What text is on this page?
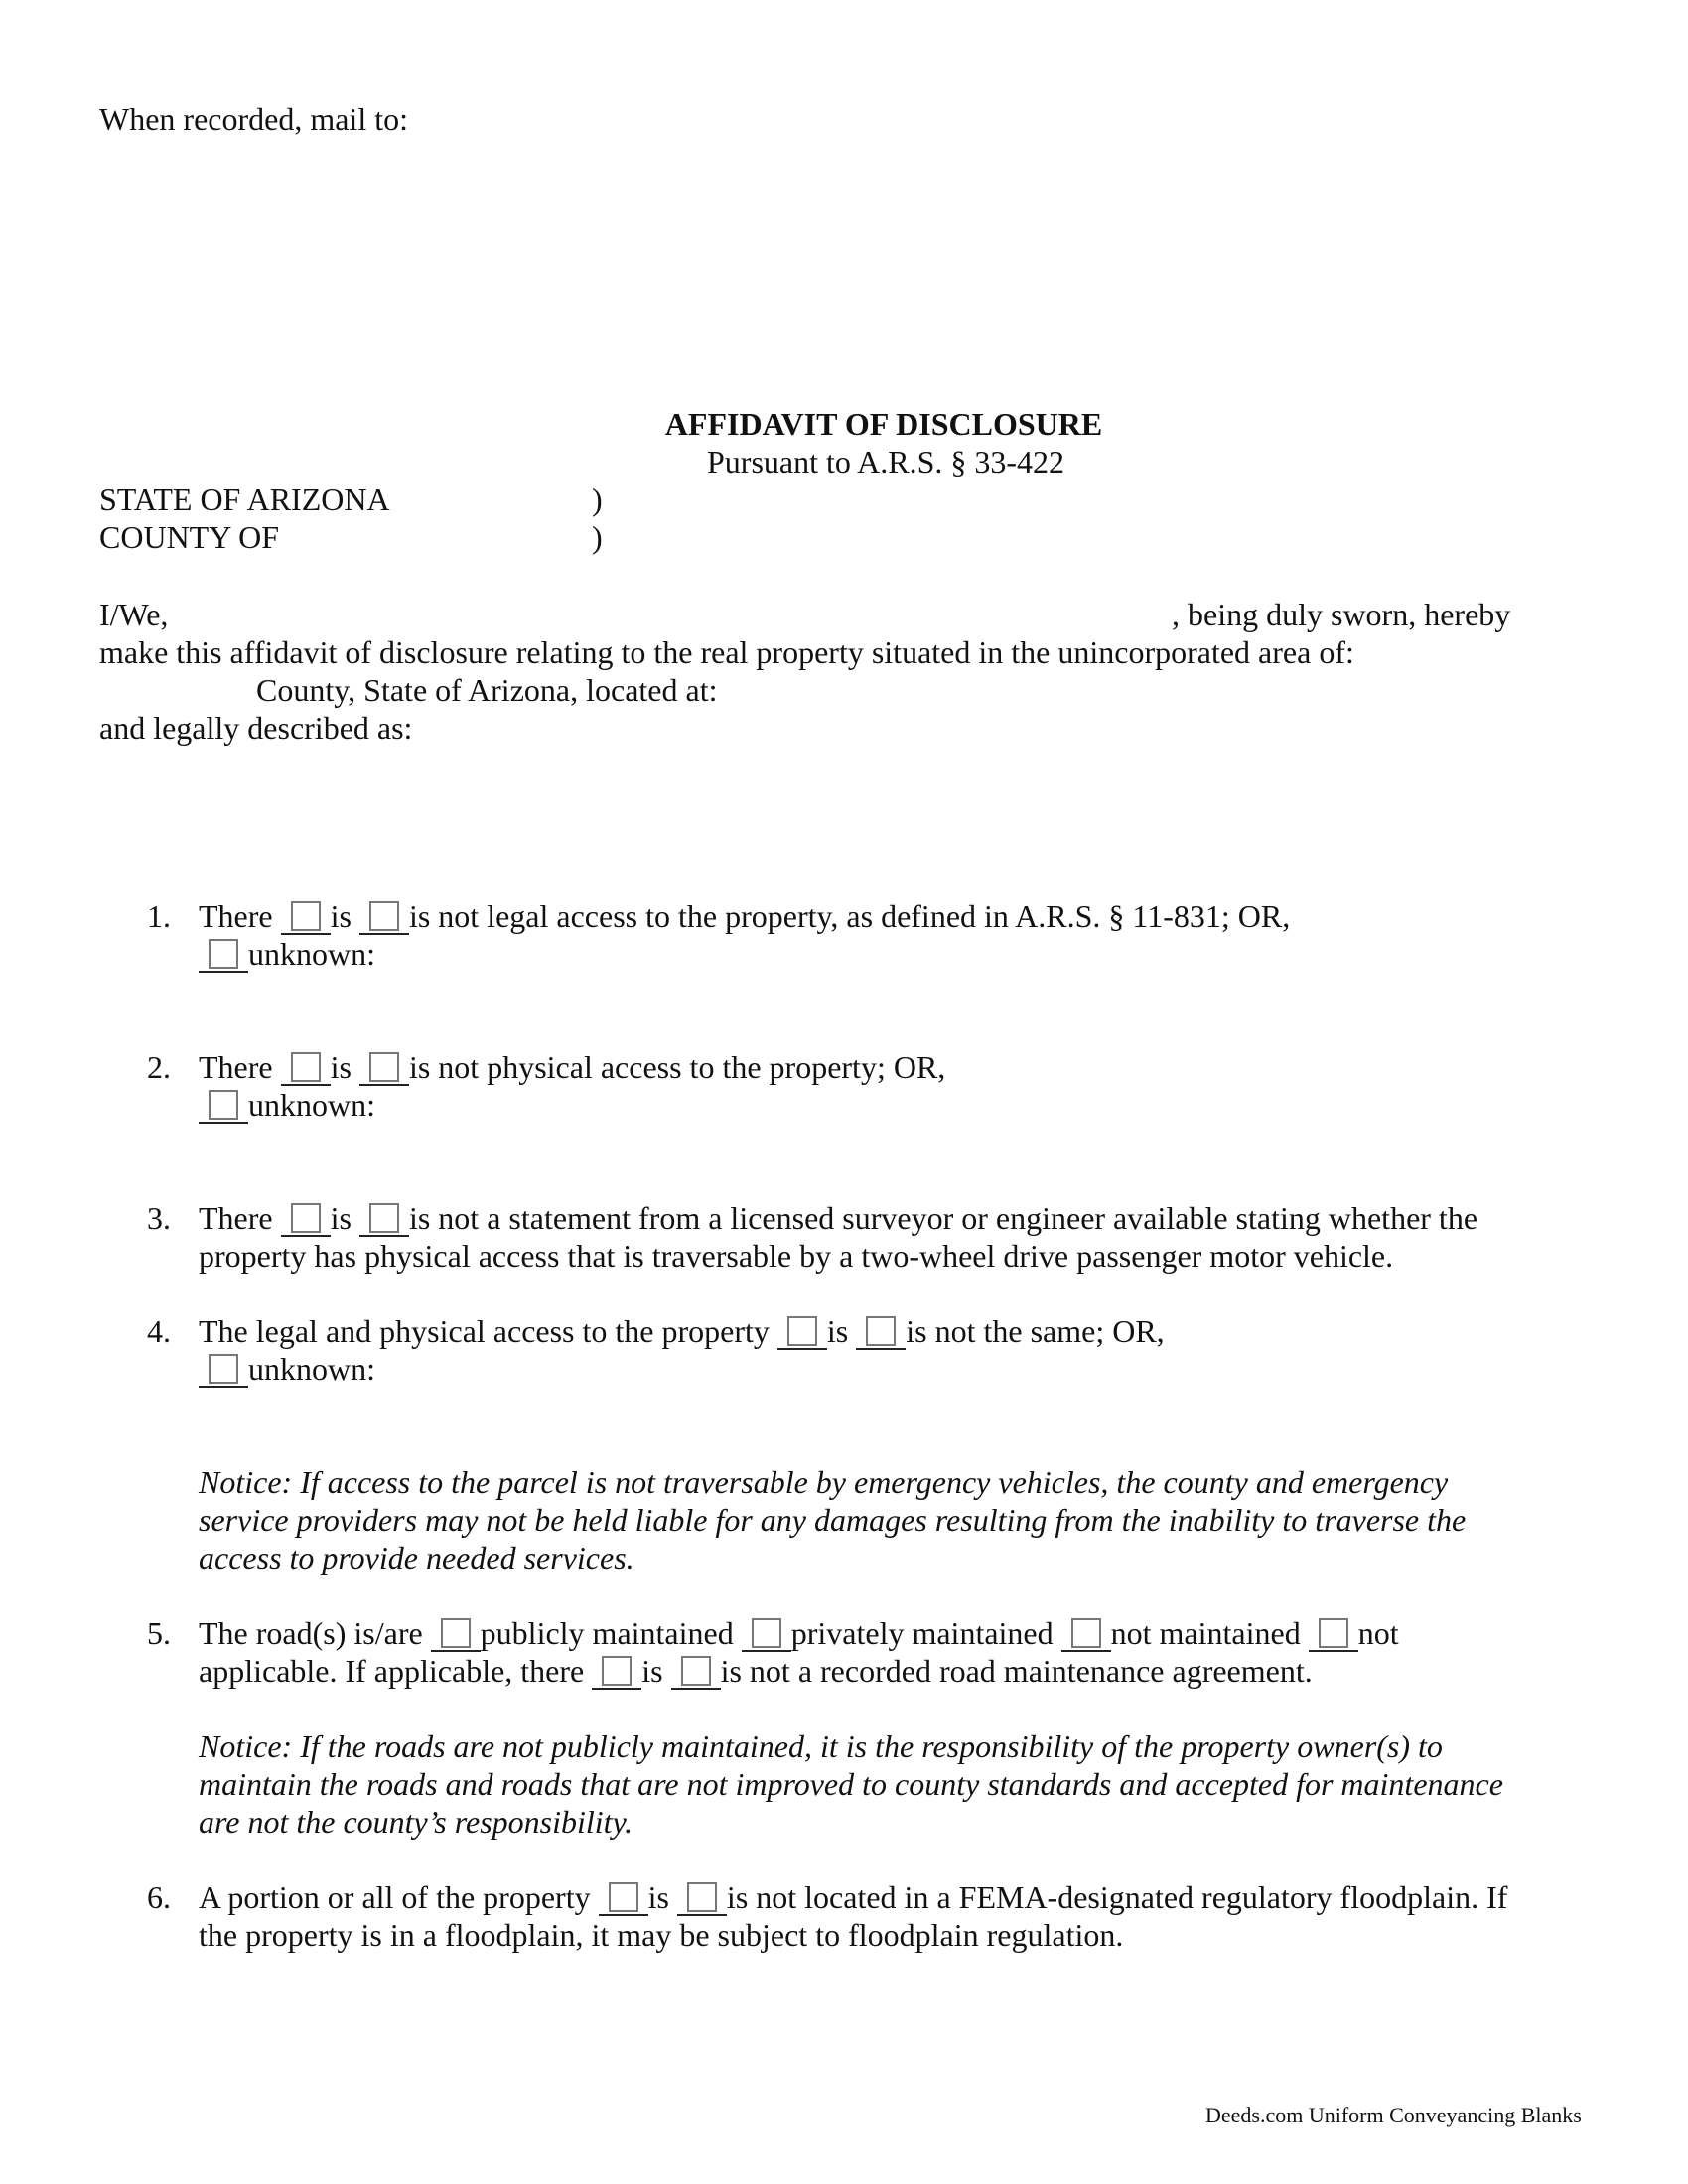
When recorded, mail to:
AFFIDAVIT OF DISCLOSURE
Pursuant to A.R.S. § 33-422
STATE OF ARIZONA	)
COUNTY OF	)
I/We,	, being duly sworn, hereby
make this affidavit of disclosure relating to the real property situated in the unincorporated area of:
County, State of Arizona, located at:
and legally described as:
1. There is is not legal access to the property, as defined in A.R.S. § 11-831; OR,
unknown:
2. There is is not physical access to the property; OR,
unknown:
3. There is is not a statement from a licensed surveyor or engineer available stating whether the
property has physical access that is traversable by a two-wheel drive passenger motor vehicle.
4. The legal and physical access to the property is is not the same; OR,
unknown:
Notice: If access to the parcel is not traversable by emergency vehicles, the county and emergency
service providers may not be held liable for any damages resulting from the inability to traverse the
access to provide needed services.
5. The road(s) is/are publicly maintained privately maintained not maintained not
applicable. If applicable, there is is not a recorded road maintenance agreement.
Notice: If the roads are not publicly maintained, it is the responsibility of the property owner(s) to
maintain the roads and roads that are not improved to county standards and accepted for maintenance
are not the county’s responsibility.
6. A portion or all of the property is is not located in a FEMA-designated regulatory floodplain. If
the property is in a floodplain, it may be subject to floodplain regulation.
Deeds.com Uniform Conveyancing Blanks
